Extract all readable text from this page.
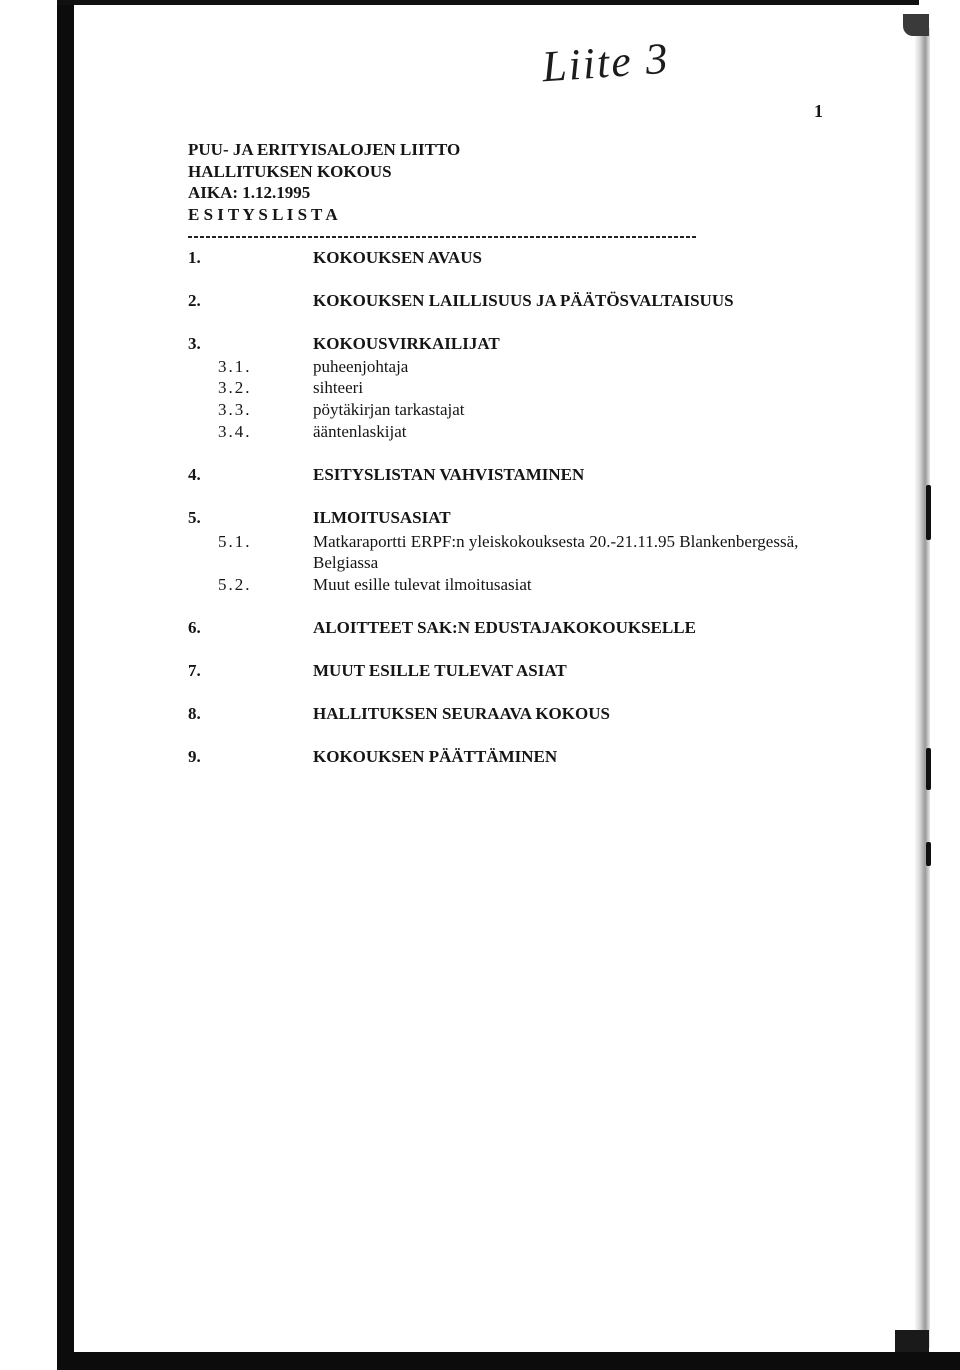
Liite 3
1
PUU- JA ERITYISALOJEN LIITTO
HALLITUKSEN KOKOUS
AIKA: 1.12.1995
E S I T Y S L I S T A
1.	KOKOUKSEN AVAUS
2.	KOKOUKSEN LAILLISUUS JA PÄÄTÖSVALTAISUUS
3.	KOKOUSVIRKAILIJAT
3.1.	puheenjohtaja
3.2.	sihteeri
3.3.	pöytäkirjan tarkastajat
3.4.	ääntenlaskijat
4.	ESITYSLISTAN VAHVISTAMINEN
5.	ILMOITUSASIAT
5.1.	Matkaraportti ERPF:n yleiskokouksesta 20.-21.11.95 Blankenbergessä,
Belgiassa
5.2.	Muut esille tulevat ilmoitusasiat
6.	ALOITTEET SAK:N EDUSTAJAKOKOUKSELLE
7.	MUUT ESILLE TULEVAT ASIAT
8.	HALLITUKSEN SEURAAVA KOKOUS
9.	KOKOUKSEN PÄÄTTÄMINEN
